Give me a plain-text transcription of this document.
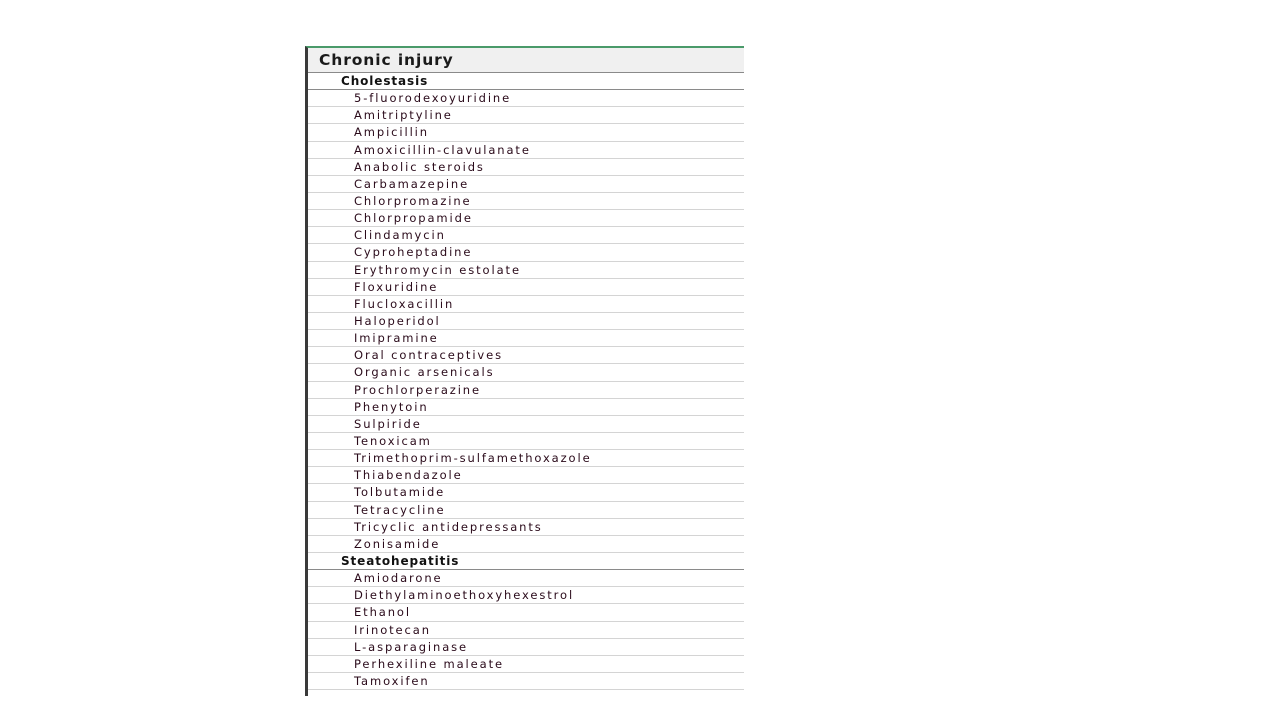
Chronic injury
Cholestasis
5-fluorodexoyuridine
Amitriptyline
Ampicillin
Amoxicillin-clavulanate
Anabolic steroids
Carbamazepine
Chlorpromazine
Chlorpropamide
Clindamycin
Cyproheptadine
Erythromycin estolate
Floxuridine
Flucloxacillin
Haloperidol
Imipramine
Oral contraceptives
Organic arsenicals
Prochlorperazine
Phenytoin
Sulpiride
Tenoxicam
Trimethoprim-sulfamethoxazole
Thiabendazole
Tolbutamide
Tetracycline
Tricyclic antidepressants
Zonisamide
Steatohepatitis
Amiodarone
Diethylaminoethoxyhexestrol
Ethanol
Irinotecan
L-asparaginase
Perhexiline maleate
Tamoxifen
